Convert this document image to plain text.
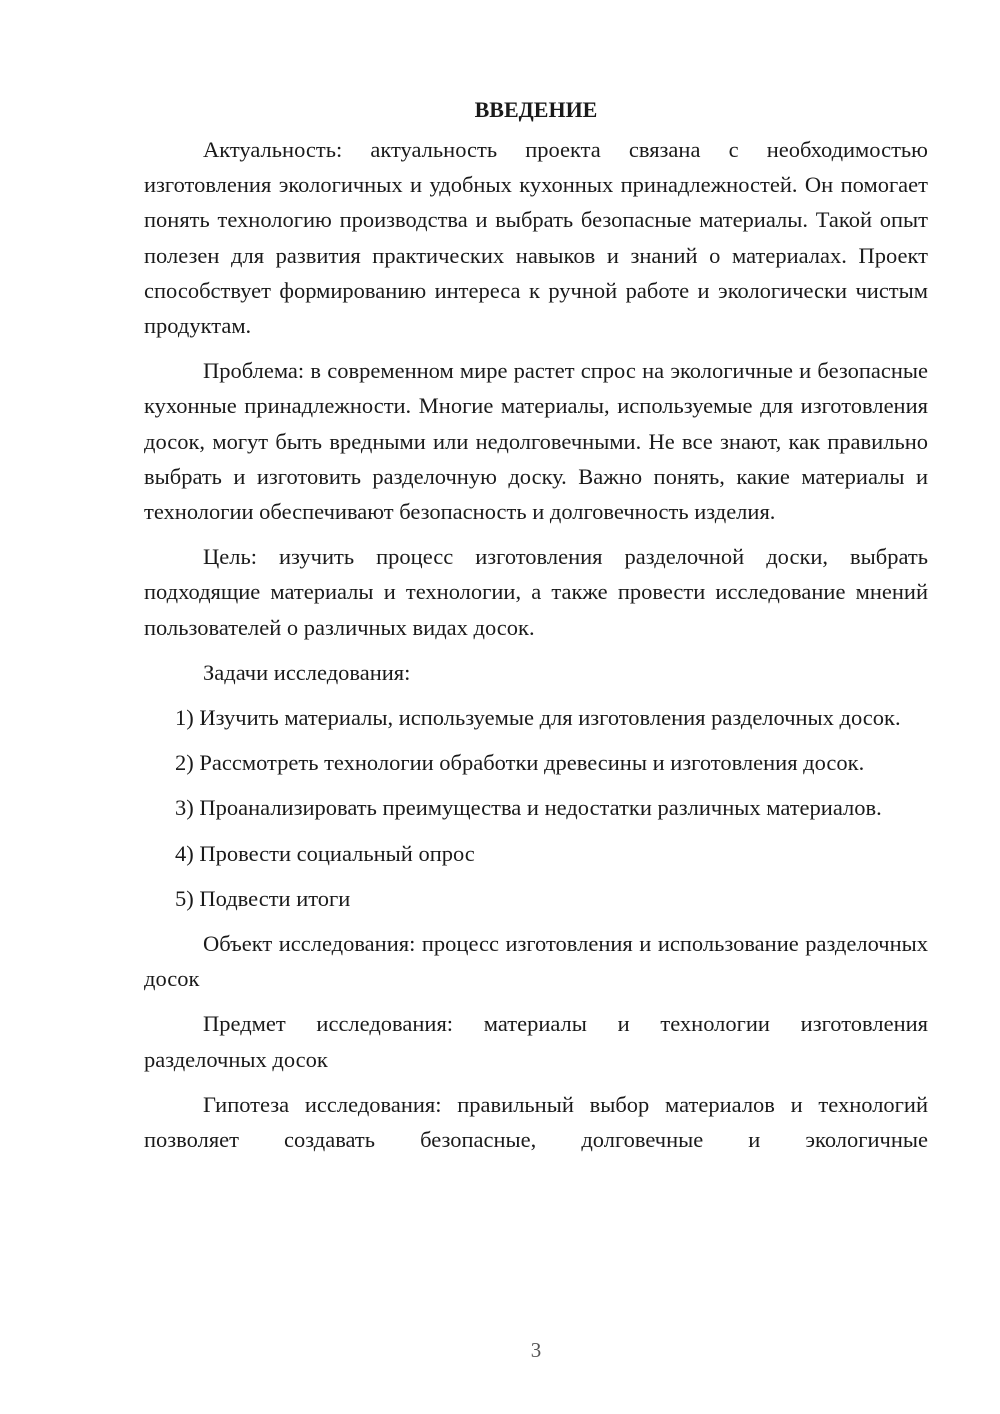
ВВЕДЕНИЕ

Актуальность: актуальность проекта связана с необходимостью изготовления экологичных и удобных кухонных принадлежностей. Он помогает понять технологию производства и выбрать безопасные материалы. Такой опыт полезен для развития практических навыков и знаний о материалах. Проект способствует формированию интереса к ручной работе и экологически чистым продуктам.

Проблема: в современном мире растет спрос на экологичные и безопасные кухонные принадлежности. Многие материалы, используемые для изготовления досок, могут быть вредными или недолговечными. Не все знают, как правильно выбрать и изготовить разделочную доску. Важно понять, какие материалы и технологии обеспечивают безопасность и долговечность изделия.

Цель: изучить процесс изготовления разделочной доски, выбрать подходящие материалы и технологии, а также провести исследование мнений пользователей о различных видах досок.

Задачи исследования:

1) Изучить материалы, используемые для изготовления разделочных досок.

2) Рассмотреть технологии обработки древесины и изготовления досок.

3) Проанализировать преимущества и недостатки различных материалов.

4) Провести социальный опрос

5) Подвести итоги

Объект исследования: процесс изготовления и использование разделочных досок

Предмет исследования: материалы и технологии изготовления разделочных досок

Гипотеза исследования: правильный выбор материалов и технологий позволяет создавать безопасные, долговечные и экологичные

3
